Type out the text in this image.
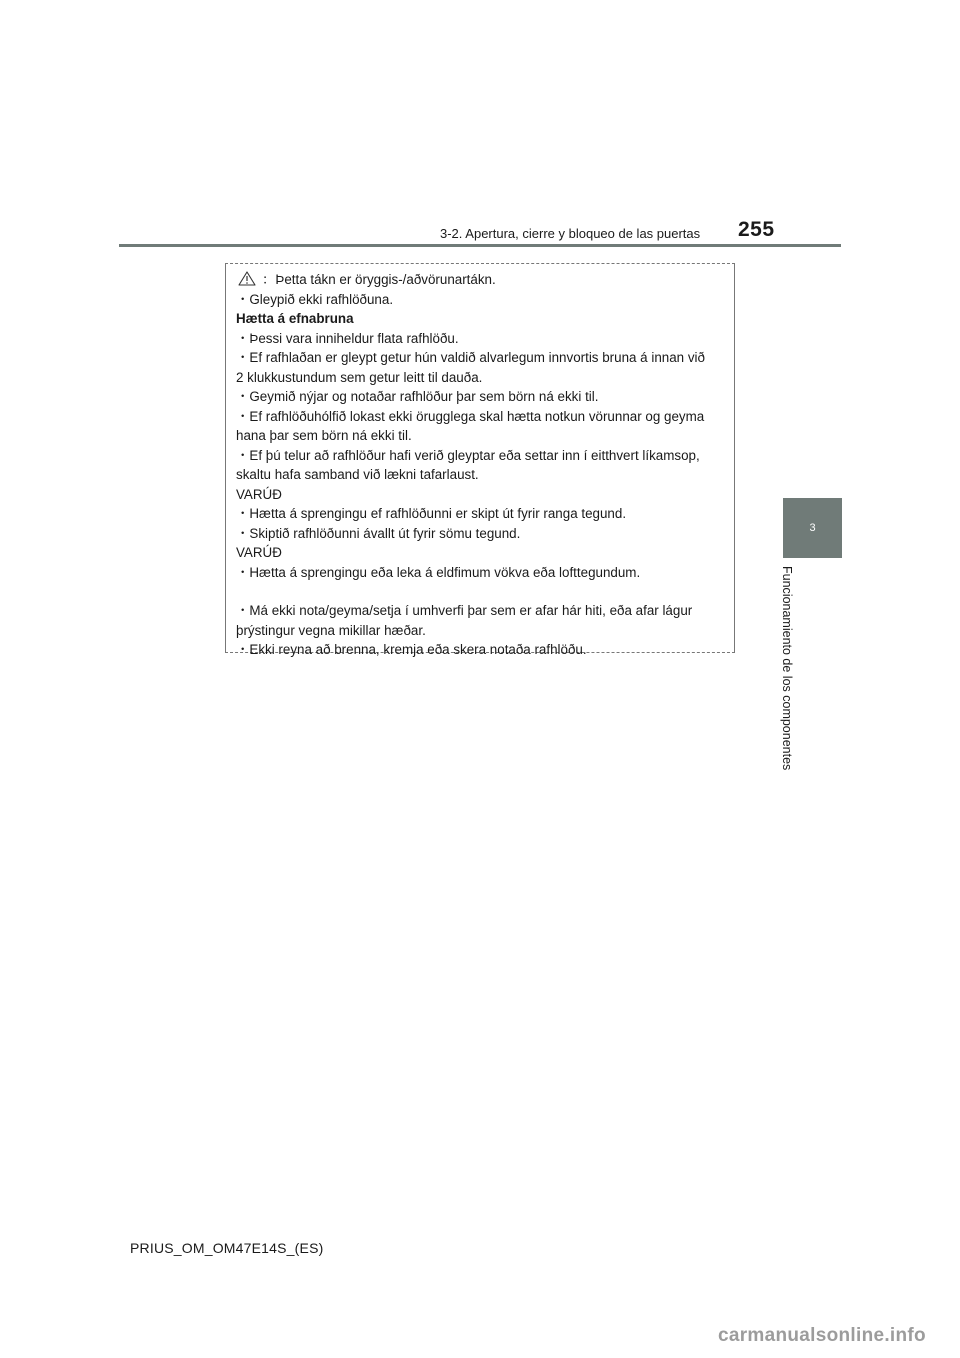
3-2. Apertura, cierre y bloqueo de las puertas 255
3
Funcionamiento de los componentes
：Þetta tákn er öryggis-/aðvörunartákn.
・Gleypið ekki rafhlöðuna.
Hætta á efnabruna
・Þessi vara inniheldur flata rafhlöðu.
・Ef rafhlaðan er gleypt getur hún valdið alvarlegum innvortis bruna á innan við
2 klukkustundum sem getur leitt til dauða.
・Geymið nýjar og notaðar rafhlöður þar sem börn ná ekki til.
・Ef rafhlöðuhólfið lokast ekki örugglega skal hætta notkun vörunnar og geyma
hana þar sem börn ná ekki til.
・Ef þú telur að rafhlöður hafi verið gleyptar eða settar inn í eitthvert líkamsop,
skaltu hafa samband við lækni tafarlaust.
VARÚÐ
・Hætta á sprengingu ef rafhlöðunni er skipt út fyrir ranga tegund.
・Skiptið rafhlöðunni ávallt út fyrir sömu tegund.
VARÚÐ
・Hætta á sprengingu eða leka á eldfimum vökva eða lofttegundum.
・Má ekki nota/geyma/setja í umhverfi þar sem er afar hár hiti, eða afar lágur
þrýstingur vegna mikillar hæðar.
・Ekki reyna að brenna, kremja eða skera notaða rafhlöðu.
PRIUS_OM_OM47E14S_(ES)
carmanualsonline.info
